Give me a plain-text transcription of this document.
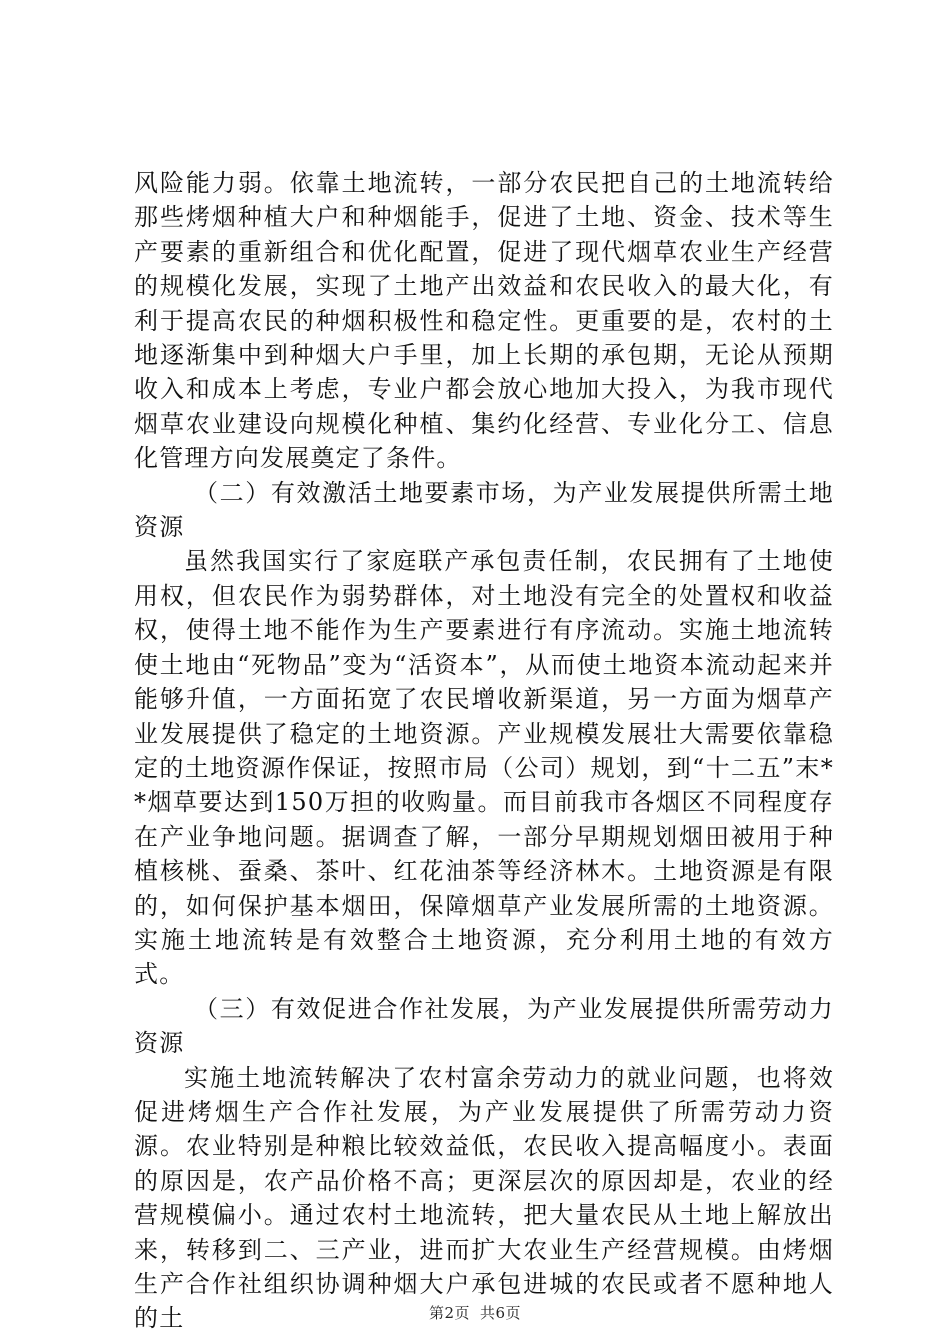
风险能力弱。依靠土地流转，一部分农民把自己的土地流转给那些烤烟种植大户和种烟能手，促进了土地、资金、技术等生产要素的重新组合和优化配置，促进了现代烟草农业生产经营的规模化发展，实现了土地产出效益和农民收入的最大化，有利于提高农民的种烟积极性和稳定性。更重要的是，农村的土地逐渐集中到种烟大户手里，加上长期的承包期，无论从预期收入和成本上考虑，专业户都会放心地加大投入，为我市现代烟草农业建设向规模化种植、集约化经营、专业化分工、信息化管理方向发展奠定了条件。

（二）有效激活土地要素市场，为产业发展提供所需土地资源

虽然我国实行了家庭联产承包责任制，农民拥有了土地使用权，但农民作为弱势群体，对土地没有完全的处置权和收益权，使得土地不能作为生产要素进行有序流动。实施土地流转使土地由“死物品”变为“活资本”，从而使土地资本流动起来并能够升值，一方面拓宽了农民增收新渠道，另一方面为烟草产业发展提供了稳定的土地资源。产业规模发展壮大需要依靠稳定的土地资源作保证，按照市局（公司）规划，到“十二五”末**烟草要达到150万担的收购量。而目前我市各烟区不同程度存在产业争地问题。据调查了解，一部分早期规划烟田被用于种植核桃、蚕桑、茶叶、红花油茶等经济林木。土地资源是有限的，如何保护基本烟田，保障烟草产业发展所需的土地资源。实施土地流转是有效整合土地资源，充分利用土地的有效方式。

（三）有效促进合作社发展，为产业发展提供所需劳动力资源

实施土地流转解决了农村富余劳动力的就业问题，也将效促进烤烟生产合作社发展，为产业发展提供了所需劳动力资源。农业特别是种粮比较效益低，农民收入提高幅度小。表面的原因是，农产品价格不高；更深层次的原因却是，农业的经营规模偏小。通过农村土地流转，把大量农民从土地上解放出来，转移到二、三产业，进而扩大农业生产经营规模。由烤烟生产合作社组织协调种烟大户承包进城的农民或者不愿种地人的土	第2页 共6页
